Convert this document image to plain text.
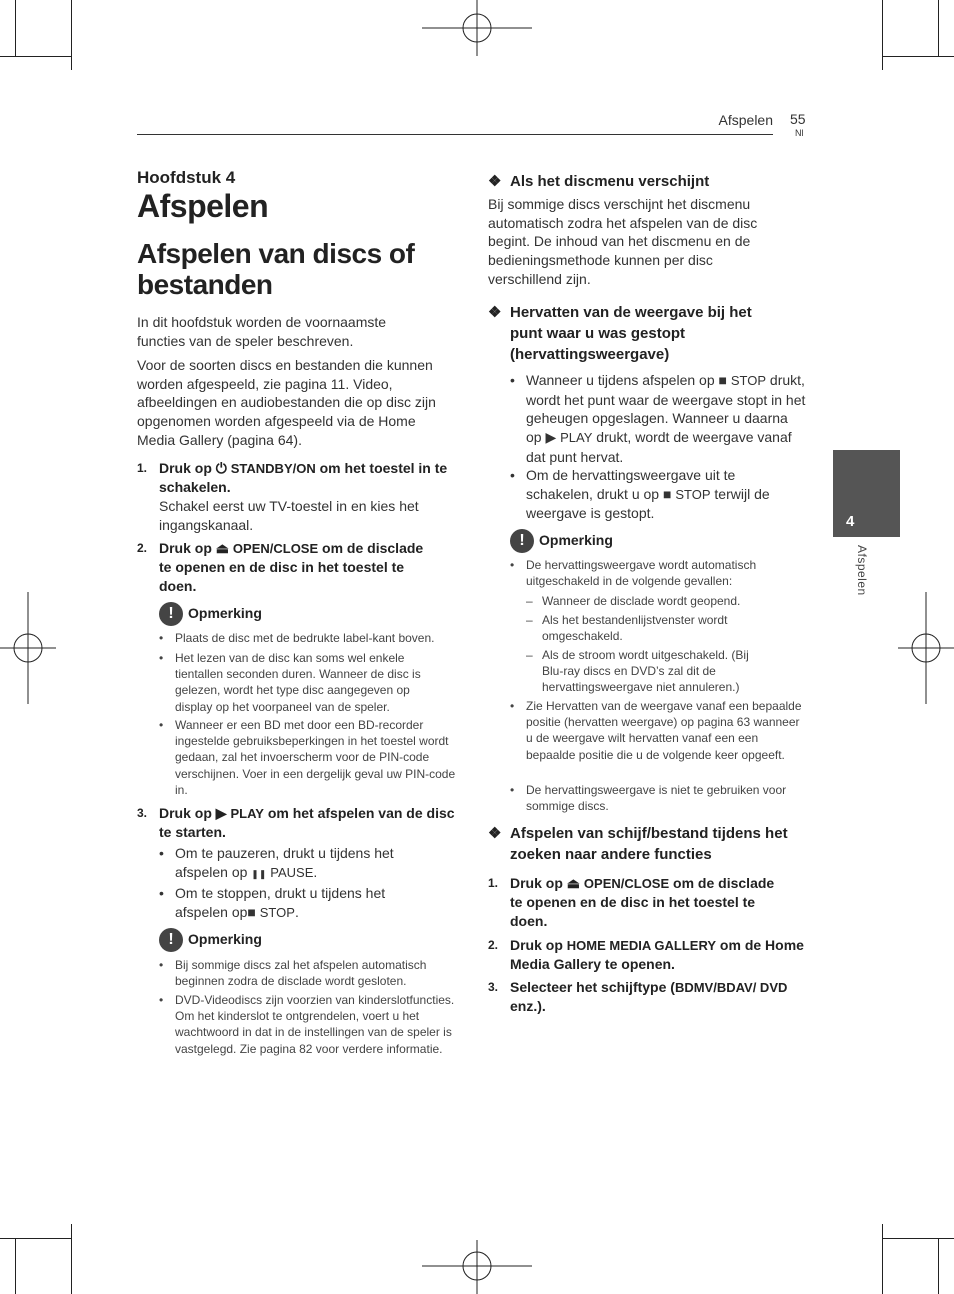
Afspelen 55
Nl
4
Afspelen
Hoofdstuk 4
Afspelen
Afspelen van discs of bestanden
In dit hoofdstuk worden de voornaamste functies van de speler beschreven.
Voor de soorten discs en bestanden die kunnen worden afgespeeld, zie pagina 11. Video, afbeeldingen en audiobestanden die op disc zijn opgenomen worden afgespeeld via de Home Media Gallery (pagina 64).
1. Druk op ⏻ STANDBY/ON om het toestel in te schakelen.
Schakel eerst uw TV-toestel in en kies het ingangskanaal.
2. Druk op ⏏ OPEN/CLOSE om de disclade te openen en de disc in het toestel te doen.
!	Opmerking
• Plaats de disc met de bedrukte label-kant boven.
• Het lezen van de disc kan soms wel enkele tientallen seconden duren. Wanneer de disc is gelezen, wordt het type disc aangegeven op display op het voorpaneel van de speler.
• Wanneer er een BD met door een BD-recorder ingestelde gebruiksbeperkingen in het toestel wordt gedaan, zal het invoerscherm voor de PIN-code verschijnen. Voer in een dergelijk geval uw PIN-code in.
3. Druk op ▶ PLAY om het afspelen van de disc te starten.
• Om te pauzeren, drukt u tijdens het afspelen op ❚❚ PAUSE.
• Om te stoppen, drukt u tijdens het afspelen op■ STOP.
!	Opmerking
• Bij sommige discs zal het afspelen automatisch beginnen zodra de disclade wordt gesloten.
• DVD-Videodiscs zijn voorzien van kinderslotfuncties. Om het kinderslot te ontgrendelen, voert u het wachtwoord in dat in de instellingen van de speler is vastgelegd. Zie pagina 82 voor verdere informatie.
❖ Als het discmenu verschijnt
Bij sommige discs verschijnt het discmenu automatisch zodra het afspelen van de disc begint. De inhoud van het discmenu en de bedieningsmethode kunnen per disc verschillend zijn.
❖ Hervatten van de weergave bij het punt waar u was gestopt (hervattingsweergave)
• Wanneer u tijdens afspelen op ■ STOP drukt, wordt het punt waar de weergave stopt in het geheugen opgeslagen. Wanneer u daarna op ▶ PLAY drukt, wordt de weergave vanaf dat punt hervat.
• Om de hervattingsweergave uit te schakelen, drukt u op ■ STOP terwijl de weergave is gestopt.
!	Opmerking
• De hervattingsweergave wordt automatisch uitgeschakeld in de volgende gevallen:
– Wanneer de disclade wordt geopend.
– Als het bestandenlijstvenster wordt omgeschakeld.
– Als de stroom wordt uitgeschakeld. (Bij Blu-ray discs en DVD’s zal dit de hervattingsweergave niet annuleren.)
• Zie Hervatten van de weergave vanaf een bepaalde positie (hervatten weergave) op pagina 63 wanneer u de weergave wilt hervatten vanaf een een bepaalde positie die u de volgende keer opgeeft.
• De hervattingsweergave is niet te gebruiken voor sommige discs.
❖ Afspelen van schijf/bestand tijdens het zoeken naar andere functies
1. Druk op ⏏ OPEN/CLOSE om de disclade te openen en de disc in het toestel te doen.
2. Druk op HOME MEDIA GALLERY om de Home Media Gallery te openen.
3. Selecteer het schijftype (BDMV/BDAV/ DVD enz.).
